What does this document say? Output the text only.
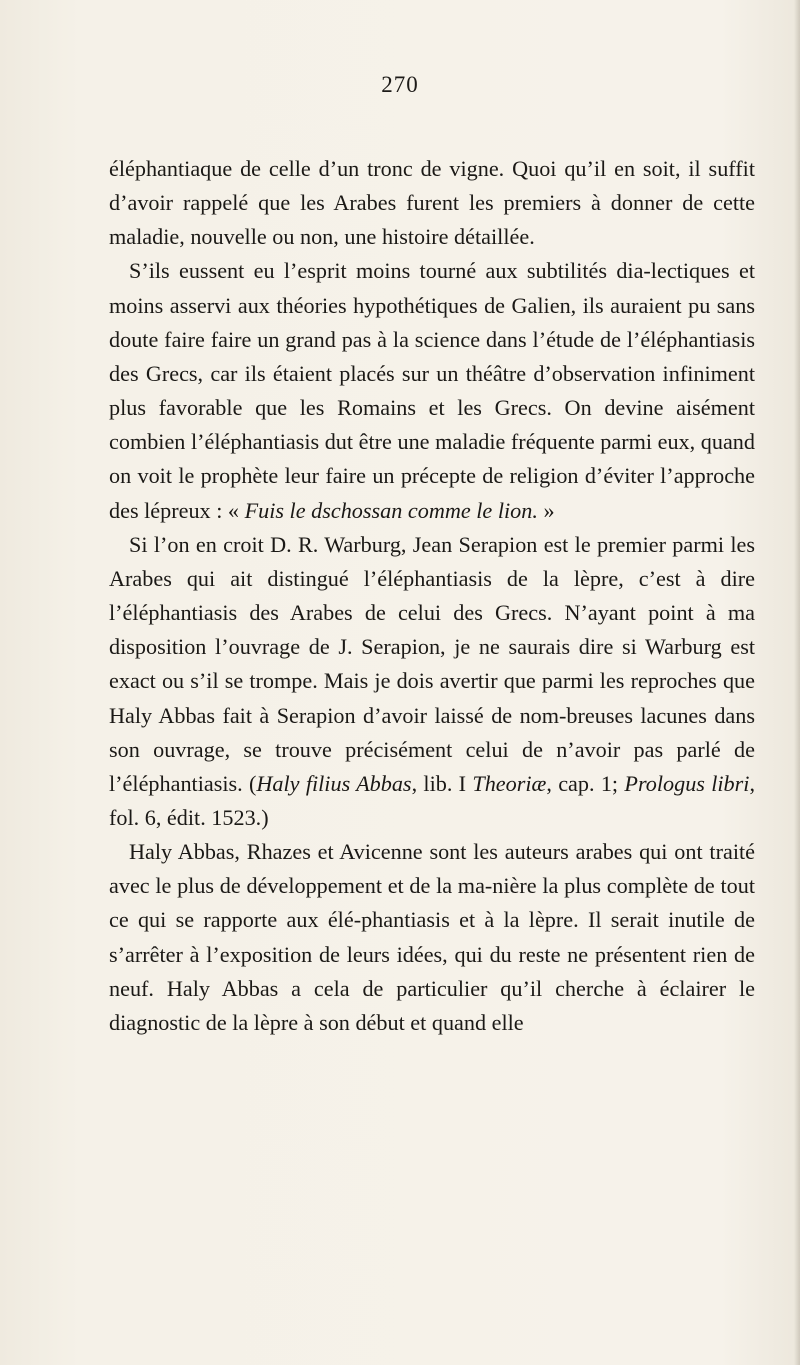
270

éléphantiaque de celle d’un tronc de vigne. Quoi qu’il en soit, il suffit d’avoir rappelé que les Arabes furent les premiers à donner de cette maladie, nouvelle ou non, une histoire détaillée.

S’ils eussent eu l’esprit moins tourné aux subtilités dia-lectiques et moins asservi aux théories hypothétiques de Galien, ils auraient pu sans doute faire faire un grand pas à la science dans l’étude de l’éléphantiasis des Grecs, car ils étaient placés sur un théâtre d’observation infiniment plus favorable que les Romains et les Grecs. On devine aisément combien l’éléphantiasis dut être une maladie fréquente parmi eux, quand on voit le prophète leur faire un précepte de religion d’éviter l’approche des lépreux : « Fuis le dschossan comme le lion. »

Si l’on en croit D. R. Warburg, Jean Serapion est le premier parmi les Arabes qui ait distingué l’éléphantiasis de la lèpre, c’est à dire l’éléphantiasis des Arabes de celui des Grecs. N’ayant point à ma disposition l’ouvrage de J. Serapion, je ne saurais dire si Warburg est exact ou s’il se trompe. Mais je dois avertir que parmi les reproches que Haly Abbas fait à Serapion d’avoir laissé de nom-breuses lacunes dans son ouvrage, se trouve précisément celui de n’avoir pas parlé de l’éléphantiasis. (Haly filius Abbas, lib. I Theoriæ, cap. 1; Prologus libri, fol. 6, édit. 1523.)

Haly Abbas, Rhazes et Avicenne sont les auteurs arabes qui ont traité avec le plus de développement et de la ma-nière la plus complète de tout ce qui se rapporte aux élé-phantiasis et à la lèpre. Il serait inutile de s’arrêter à l’exposition de leurs idées, qui du reste ne présentent rien de neuf. Haly Abbas a cela de particulier qu’il cherche à éclairer le diagnostic de la lèpre à son début et quand elle
